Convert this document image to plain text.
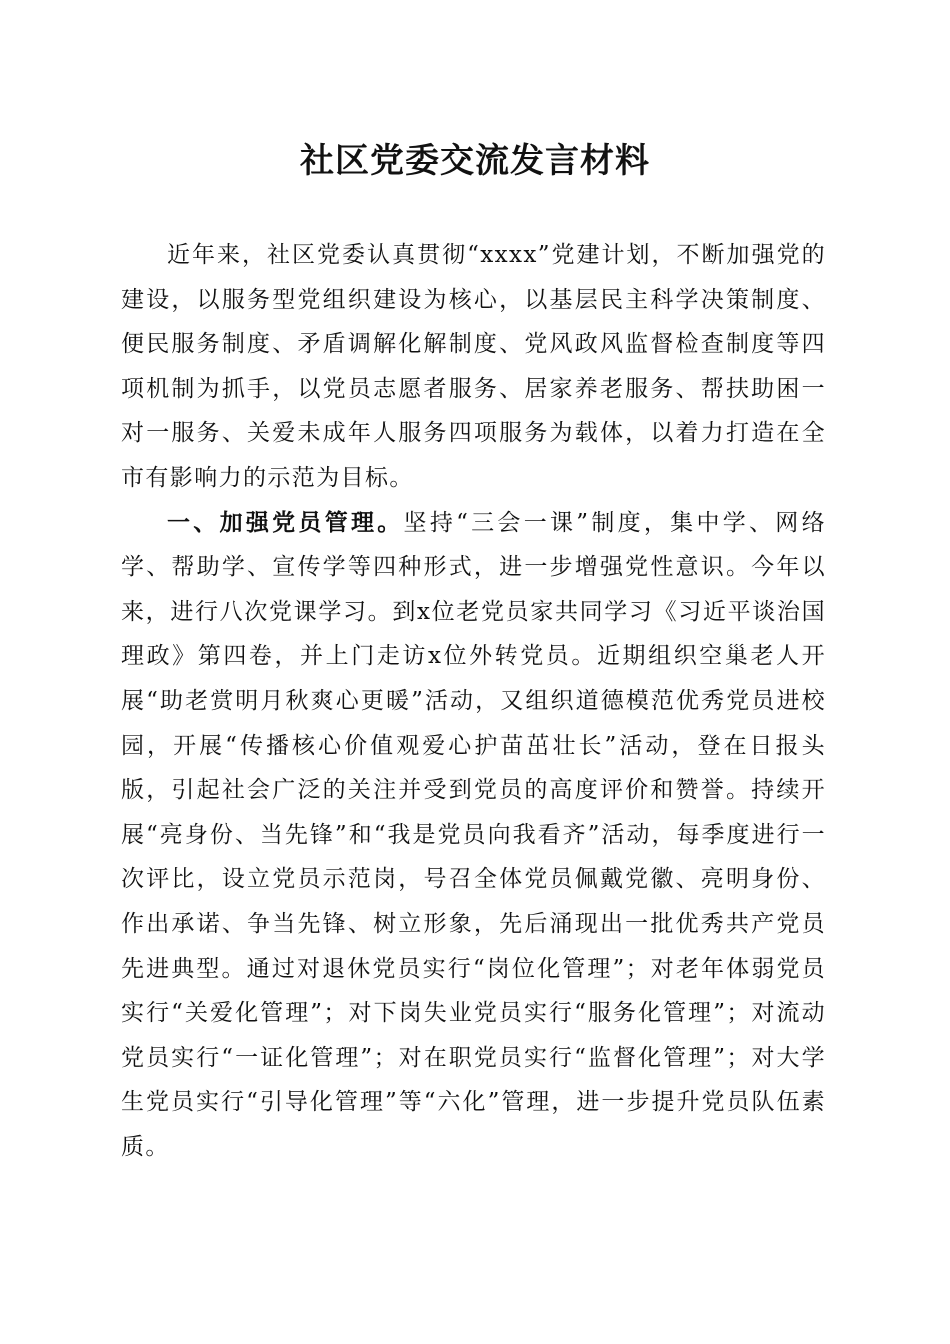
社区党委交流发言材料

近年来，社区党委认真贯彻“xxxx”党建计划，不断加强党的建设，以服务型党组织建设为核心，以基层民主科学决策制度、便民服务制度、矛盾调解化解制度、党风政风监督检查制度等四项机制为抓手，以党员志愿者服务、居家养老服务、帮扶助困一对一服务、关爱未成年人服务四项服务为载体，以着力打造在全市有影响力的示范为目标。

一、加强党员管理。坚持“三会一课”制度，集中学、网络学、帮助学、宣传学等四种形式，进一步增强党性意识。今年以来，进行八次党课学习。到x位老党员家共同学习《习近平谈治国理政》第四卷，并上门走访x位外转党员。近期组织空巢老人开展“助老赏明月秋爽心更暖”活动，又组织道德模范优秀党员进校园，开展“传播核心价值观爱心护苗茁壮长”活动，登在日报头版，引起社会广泛的关注并受到党员的高度评价和赞誉。持续开展“亮身份、当先锋”和“我是党员向我看齐”活动，每季度进行一次评比，设立党员示范岗，号召全体党员佩戴党徽、亮明身份、作出承诺、争当先锋、树立形象，先后涌现出一批优秀共产党员先进典型。通过对退休党员实行“岗位化管理”；对老年体弱党员实行“关爱化管理”；对下岗失业党员实行“服务化管理”；对流动党员实行“一证化管理”；对在职党员实行“监督化管理”；对大学生党员实行“引导化管理”等“六化”管理，进一步提升党员队伍素质。
